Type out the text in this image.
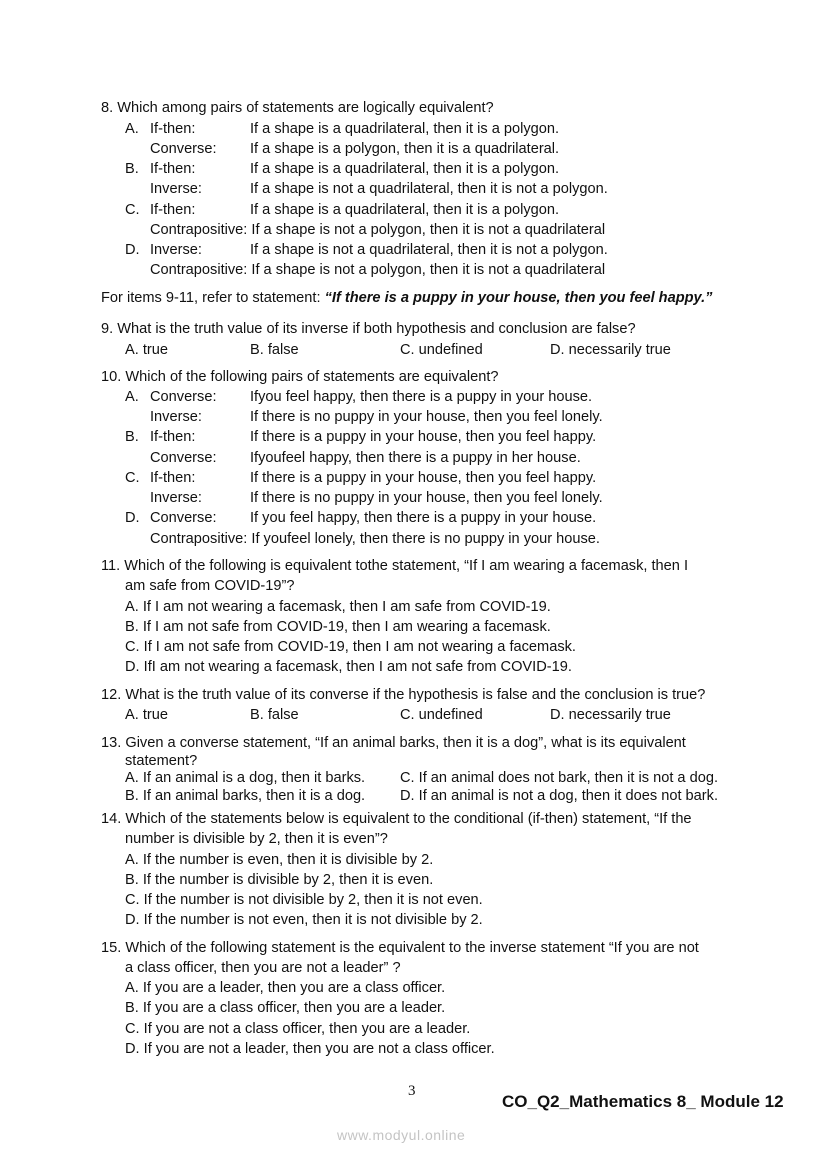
8. Which among pairs of statements are logically equivalent?
A. If-then:	If a shape is a quadrilateral, then it is a polygon.
Converse: If a shape is a polygon, then it is a quadrilateral.
B. If-then:	If a shape is a quadrilateral, then it is a polygon.
Inverse:	If a shape is not a quadrilateral, then it is not a polygon.
C. If-then:	If a shape is a quadrilateral, then it is a polygon.
Contrapositive: If a shape is not a polygon, then it is not a quadrilateral
D. Inverse:	If a shape is not a quadrilateral, then it is not a polygon.
Contrapositive: If a shape is not a polygon, then it is not a quadrilateral
For items 9-11, refer to statement: “If there is a puppy in your house, then you feel happy.”
9. What is the truth value of its inverse if both hypothesis and conclusion are false?
A. true	B. false	C. undefined	D. necessarily true
10. Which of the following pairs of statements are equivalent?
A. Converse: Ifyou feel happy, then there is a puppy in your house.
Inverse:	If there is no puppy in your house, then you feel lonely.
B. If-then:	If there is a puppy in your house, then you feel happy.
Converse: Ifyoufeel happy, then there is a puppy in her house.
C. If-then:	If there is a puppy in your house, then you feel happy.
Inverse:	If there is no puppy in your house, then you feel lonely.
D. Converse: If you feel happy, then there is a puppy in your house.
Contrapositive: If youfeel lonely, then there is no puppy in your house.
11. Which of the following is equivalent tothe statement, “If I am wearing a facemask, then I
am safe from COVID-19”?
A. If I am not wearing a facemask, then I am safe from COVID-19.
B. If I am not safe from COVID-19, then I am wearing a facemask.
C. If I am not safe from COVID-19, then I am not wearing a facemask.
D. IfI am not wearing a facemask, then I am not safe from COVID-19.
12. What is the truth value of its converse if the hypothesis is false and the conclusion is true?
A. true	B. false	C. undefined	D. necessarily true
13. Given a converse statement, “If an animal barks, then it is a dog”, what is its equivalent
statement?
A. If an animal is a dog, then it barks. C. If an animal does not bark, then it is not a dog.
B. If an animal barks, then it is a dog. D. If an animal is not a dog, then it does not bark.
14. Which of the statements below is equivalent to the conditional (if-then) statement, “If the
number is divisible by 2, then it is even”?
A. If the number is even, then it is divisible by 2.
B. If the number is divisible by 2, then it is even.
C. If the number is not divisible by 2, then it is not even.
D. If the number is not even, then it is not divisible by 2.
15. Which of the following statement is the equivalent to the inverse statement “If you are not
a class officer, then you are not a leader” ?
A. If you are a leader, then you are a class officer.
B. If you are a class officer, then you are a leader.
C. If you are not a class officer, then you are a leader.
D. If you are not a leader, then you are not a class officer.
3
CO_Q2_Mathematics 8_ Module 12
www.modyul.online
